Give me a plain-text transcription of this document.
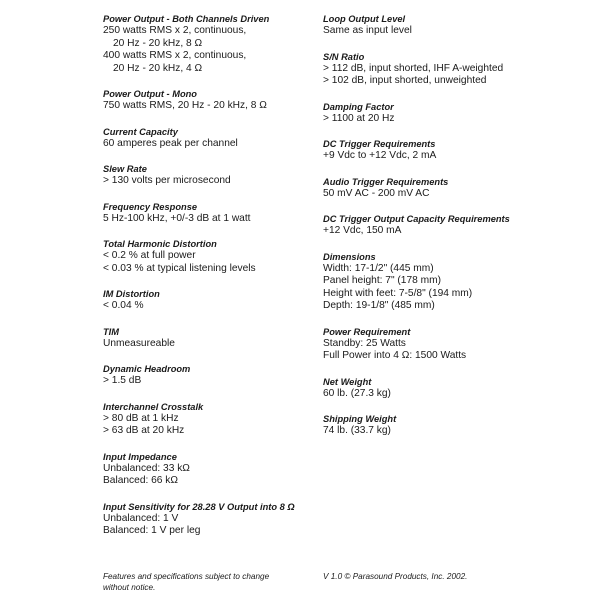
Power Output - Both Channels Driven
250 watts RMS x 2, continuous,
20 Hz - 20 kHz, 8 Ω
400 watts RMS x 2, continuous,
20 Hz - 20 kHz, 4 Ω
Power Output - Mono
750 watts RMS, 20 Hz - 20 kHz, 8 Ω
Current Capacity
60 amperes peak per channel
Slew Rate
> 130 volts per microsecond
Frequency Response
5 Hz-100 kHz, +0/-3 dB at 1 watt
Total Harmonic Distortion
< 0.2 % at full power
< 0.03 % at typical listening levels
IM Distortion
< 0.04 %
TIM
Unmeasureable
Dynamic Headroom
> 1.5 dB
Interchannel Crosstalk
> 80 dB at 1 kHz
> 63 dB at 20 kHz
Input Impedance
Unbalanced: 33 kΩ
Balanced: 66 kΩ
Input Sensitivity for 28.28 V Output into 8 Ω
Unbalanced: 1 V
Balanced: 1 V per leg
Loop Output Level
Same as input level
S/N Ratio
> 112 dB, input shorted, IHF A-weighted
> 102 dB, input shorted, unweighted
Damping Factor
> 1100 at 20 Hz
DC Trigger Requirements
+9 Vdc to +12 Vdc, 2 mA
Audio Trigger Requirements
50 mV AC - 200 mV AC
DC Trigger Output Capacity Requirements
+12 Vdc, 150 mA
Dimensions
Width: 17-1/2" (445 mm)
Panel height: 7" (178 mm)
Height with feet: 7-5/8" (194 mm)
Depth: 19-1/8" (485 mm)
Power Requirement
Standby: 25 Watts
Full Power into 4 Ω: 1500 Watts
Net Weight
60 lb. (27.3 kg)
Shipping Weight
74 lb. (33.7 kg)
Features and specifications subject to change
without notice.
V 1.0 © Parasound Products, Inc. 2002.
